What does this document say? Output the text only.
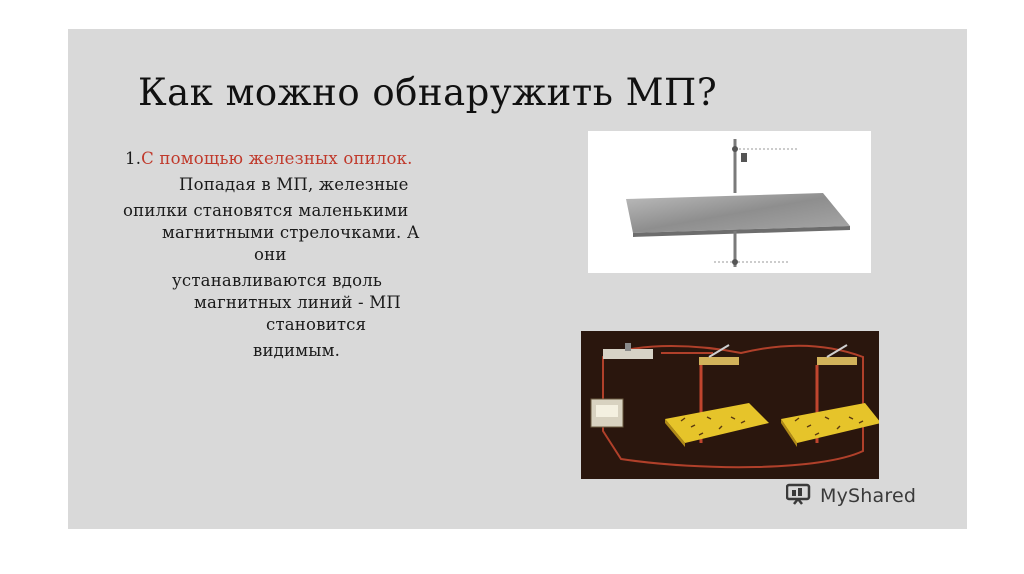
Как можно обнаружить МП?
1.С помощью железных опилок.
Попадая в МП, железные
опилки становятся маленькими
магнитными стрелочками. А
они
устанавливаются вдоль
магнитных линий - МП
становится
видимым.
MyShared
